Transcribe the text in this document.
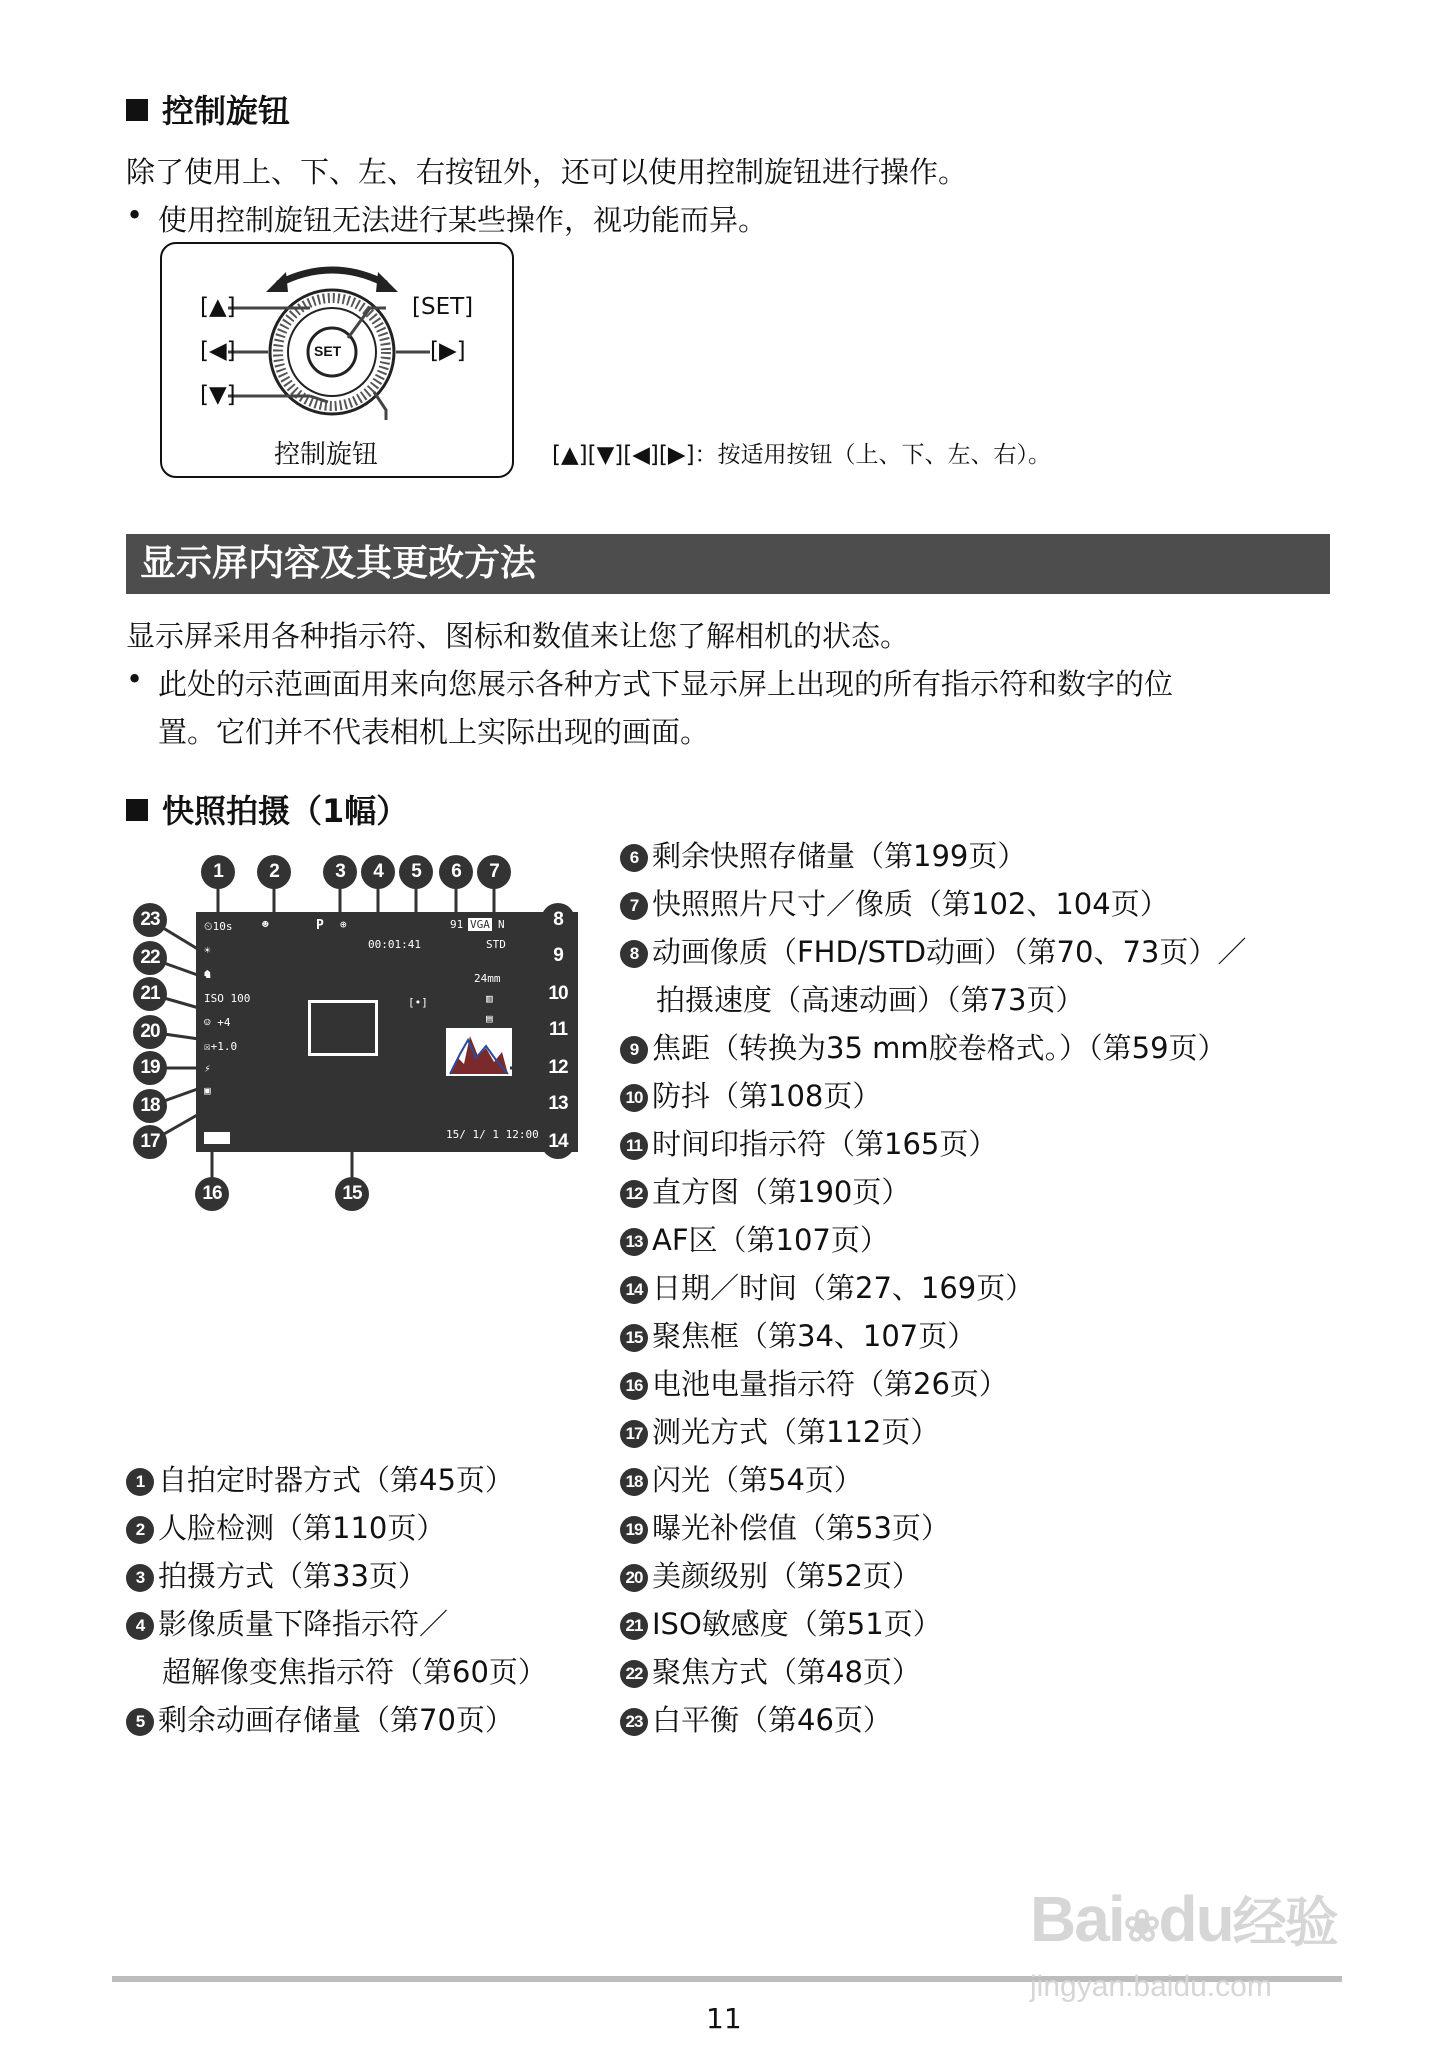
控制旋钮
除了使用上、下、左、右按钮外，还可以使用控制旋钮进行操作。
• 使用控制旋钮无法进行某些操作，视功能而异。
[▲]
[◀]
[▼]
[SET]
[▶]
SET
控制旋钮	[▲][▼][◀][▶]：按适用按钮（上、下、左、右）。
显示屏内容及其更改方法
显示屏采用各种指示符、图标和数值来让您了解相机的状态。
• 此处的示范画面用来向您展示各种方式下显示屏上出现的所有指示符和数字的位
置。它们并不代表相机上实际出现的画面。
快照拍摄（1幅）
⏲10s	☻	P ⊕
00:01:41
91 VGA N
STD
24mm
☀
☗
ISO 100
☺ +4
☒+1.0
⚡
▣
[•]	▥
▤
15/ 1/ 1 12:00
1	2	3	4	5	6	7
8
9
10
11
12
13
14
15
16
17
18
19
20
21
22
23
1 自拍定时器方式（第45页）
2 人脸检测（第110页）
3 拍摄方式（第33页）
4 影像质量下降指示符／
超解像变焦指示符（第60页）
5 剩余动画存储量（第70页）
6 剩余快照存储量（第199页）
7 快照照片尺寸／像质（第102、104页）
8 动画像质（FHD/STD动画）（第70、73页）／
拍摄速度（高速动画）（第73页）
9 焦距（转换为35 mm胶卷格式。）（第59页）
10 防抖（第108页）
11 时间印指示符（第165页）
12 直方图（第190页）
13 AF区（第107页）
14 日期／时间（第27、169页）
15 聚焦框（第34、107页）
16 电池电量指示符（第26页）
17 测光方式（第112页）
18 闪光（第54页）
19 曝光补偿值（第53页）
20 美颜级别（第52页）
21 ISO敏感度（第51页）
22 聚焦方式（第48页）
23 白平衡（第46页）
11
Bai❀du经验
jingyan.baidu.com
